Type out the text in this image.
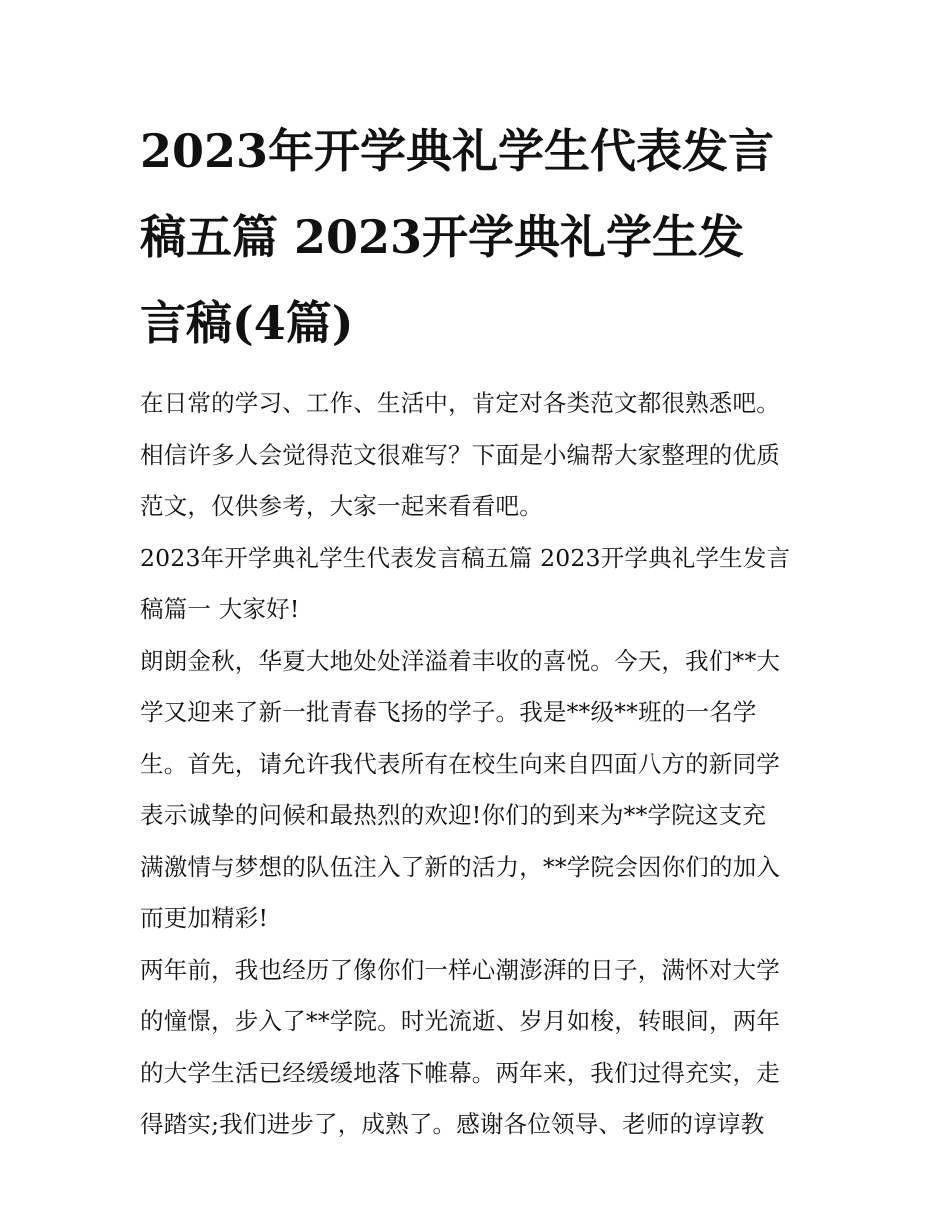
2023年开学典礼学生代表发言
稿五篇 2023开学典礼学生发
言稿(4篇)

在日常的学习、工作、生活中，肯定对各类范文都很熟悉吧。
相信许多人会觉得范文很难写？下面是小编帮大家整理的优质
范文，仅供参考，大家一起来看看吧。

2023年开学典礼学生代表发言稿五篇 2023开学典礼学生发言
稿篇一 大家好!

朗朗金秋，华夏大地处处洋溢着丰收的喜悦。今天，我们**大
学又迎来了新一批青春飞扬的学子。我是**级**班的一名学
生。首先，请允许我代表所有在校生向来自四面八方的新同学
表示诚挚的问候和最热烈的欢迎!你们的到来为**学院这支充
满激情与梦想的队伍注入了新的活力，**学院会因你们的加入
而更加精彩!

两年前，我也经历了像你们一样心潮澎湃的日子，满怀对大学
的憧憬，步入了**学院。时光流逝、岁月如梭，转眼间，两年
的大学生活已经缓缓地落下帷幕。两年来，我们过得充实，走
得踏实;我们进步了，成熟了。感谢各位领导、老师的谆谆教
